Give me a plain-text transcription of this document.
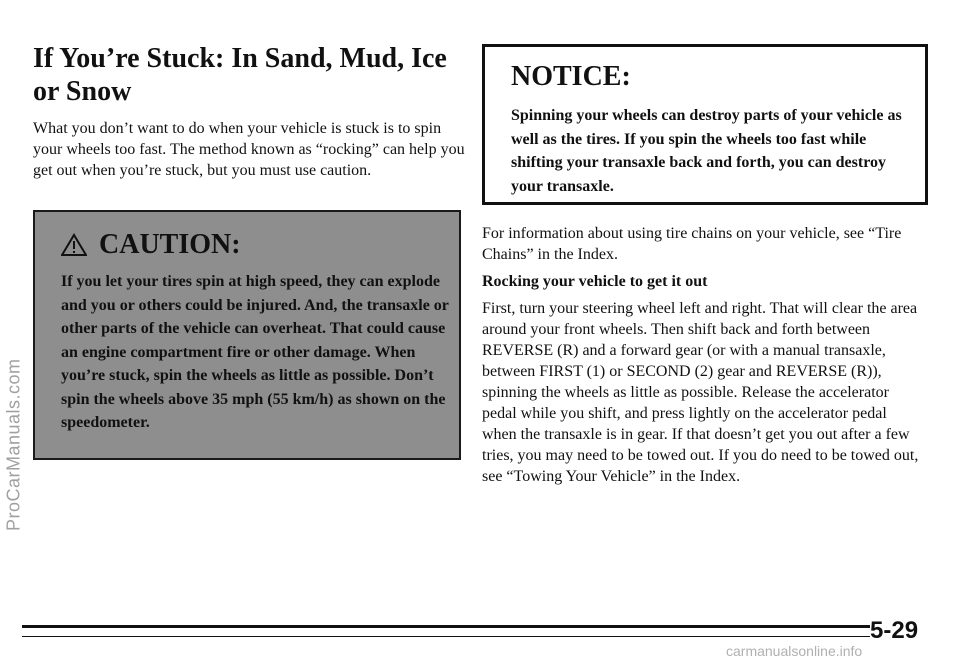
ProCarManuals.com
If You’re Stuck: In Sand, Mud, Ice or Snow

What you don’t want to do when your vehicle is stuck is to spin your wheels too fast. The method known as “rocking” can help you get out when you’re stuck, but you must use caution.

CAUTION:

If you let your tires spin at high speed, they can explode and you or others could be injured. And, the transaxle or other parts of the vehicle can overheat. That could cause an engine compartment fire or other damage. When you’re stuck, spin the wheels as little as possible. Don’t spin the wheels above 35 mph (55 km/h) as shown on the speedometer.

NOTICE:

Spinning your wheels can destroy parts of your vehicle as well as the tires. If you spin the wheels too fast while shifting your transaxle back and forth, you can destroy your transaxle.

For information about using tire chains on your vehicle, see “Tire Chains” in the Index.

Rocking your vehicle to get it out

First, turn your steering wheel left and right. That will clear the area around your front wheels. Then shift back and forth between REVERSE (R) and a forward gear (or with a manual transaxle, between FIRST (1) or SECOND (2) gear and REVERSE (R)), spinning the wheels as little as possible. Release the accelerator pedal while you shift, and press lightly on the accelerator pedal when the transaxle is in gear. If that doesn’t get you out after a few tries, you may need to be towed out. If you do need to be towed out, see “Towing Your Vehicle” in the Index.

5-29
carmanualsonline.info
